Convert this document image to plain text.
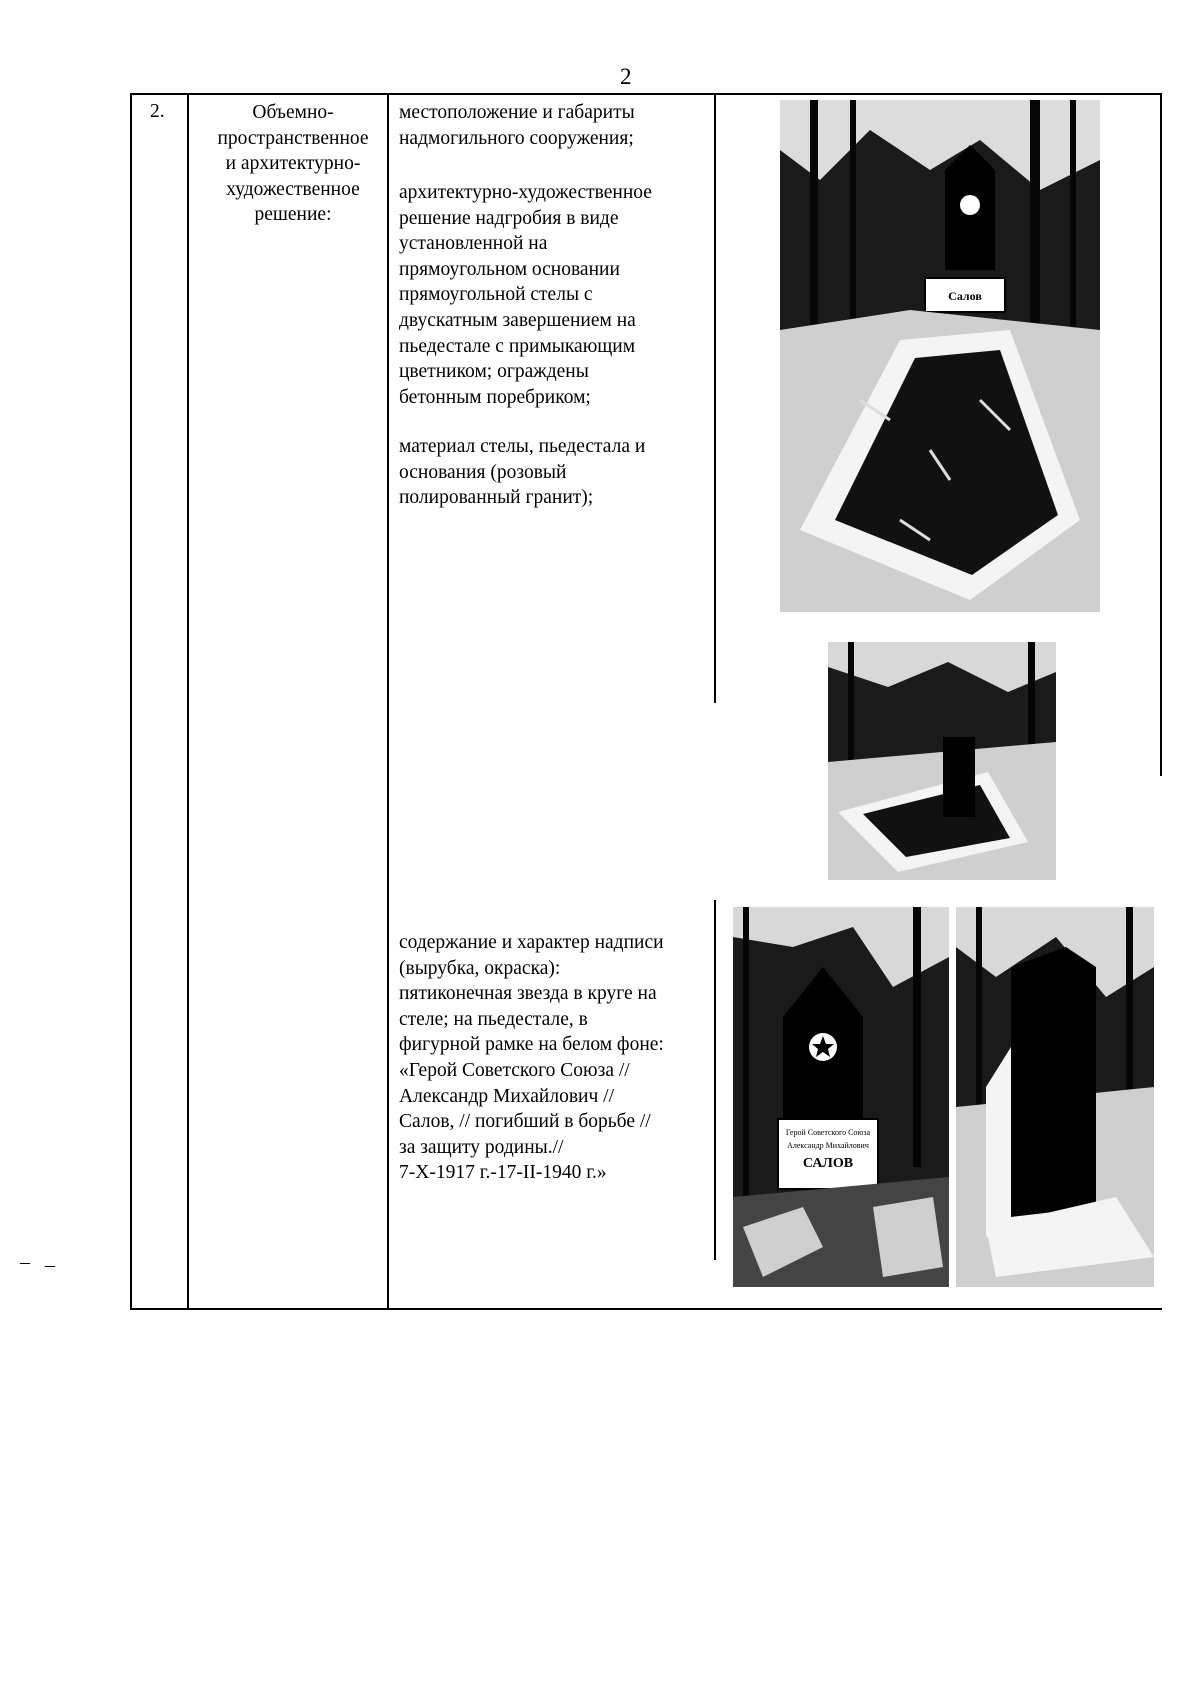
2
– –
2.	Объемно-
пространственное
и архитектурно-
художественное
решение:

местоположение и габариты
надмогильного сооружения;

архитектурно-художественное
решение надгробия в виде
установленной на
прямоугольном основании
прямоугольной стелы с
двускатным завершением на
пьедестале с примыкающим
цветником; ограждены
бетонным поребриком;

материал стелы, пьедестала и
основания (розовый
полированный гранит);

содержание и характер надписи
(вырубка, окраска):
пятиконечная звезда в круге на
стеле; на пьедестале, в
фигурной рамке на белом фоне:
«Герой Советского Союза //
Александр Михайлович //
Салов, // погибший в борьбе //
за защиту родины.//
7-X-1917 г.-17-II-1940 г.»

Салов
Герой Советского Союза
Александр Михайлович
САЛОВ
